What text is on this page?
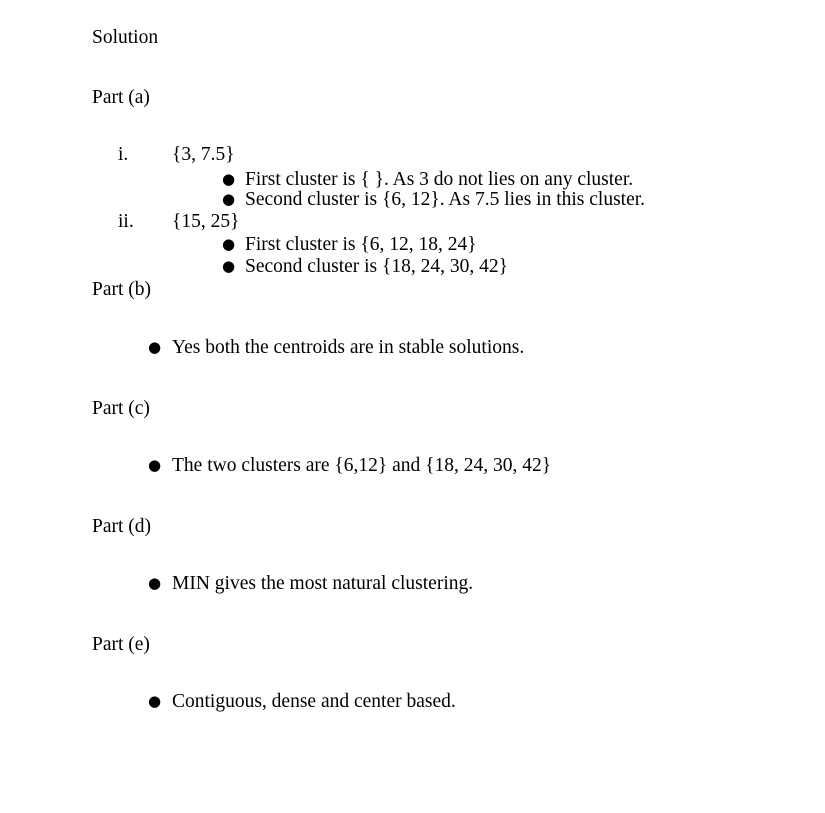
Solution
Part (a)
i. {3, 7.5}
● First cluster is { }. As 3 do not lies on any cluster.
● Second cluster is {6, 12}. As 7.5 lies in this cluster.
ii. {15, 25}
● First cluster is {6, 12, 18, 24}
● Second cluster is {18, 24, 30, 42}
Part (b)
● Yes both the centroids are in stable solutions.
Part (c)
● The two clusters are {6,12} and {18, 24, 30, 42}
Part (d)
● MIN gives the most natural clustering.
Part (e)
● Contiguous, dense and center based.
